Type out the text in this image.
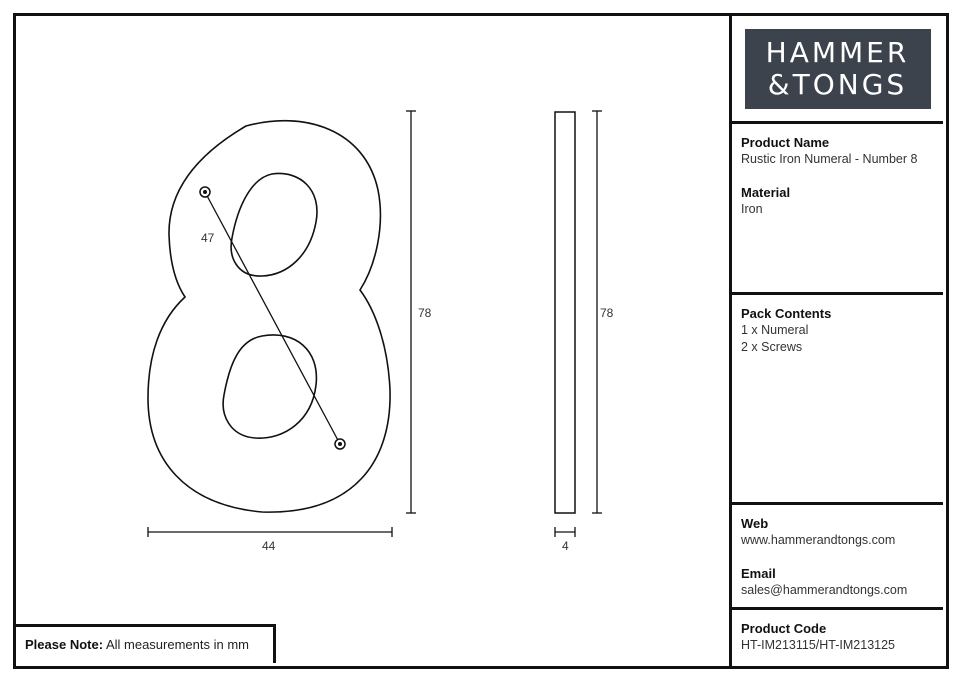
47
78
44
78
4
HAMMER
&TONGS
Product Name
Rustic Iron Numeral - Number 8
Material
Iron
Pack Contents
1 x Numeral
2 x Screws
Web
www.hammerandtongs.com
Email
sales@hammerandtongs.com
Product Code
HT-IM213115/HT-IM213125
Please Note: All measurements in mm
